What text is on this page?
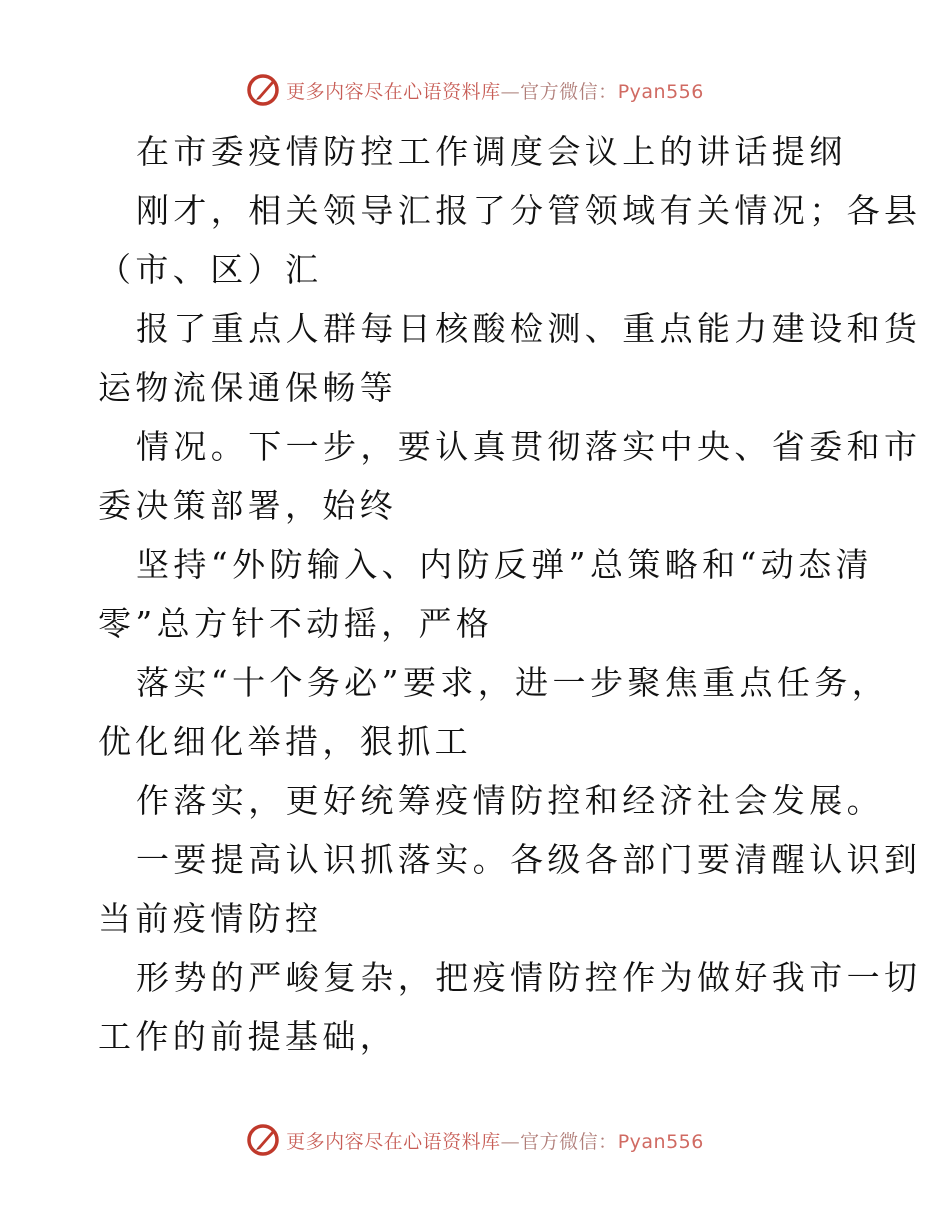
更多内容尽在心语资料库—官方微信：Pyan556
在市委疫情防控工作调度会议上的讲话提纲
刚才，相关领导汇报了分管领域有关情况；各县
（市、区）汇
报了重点人群每日核酸检测、重点能力建设和货
运物流保通保畅等
情况。下一步，要认真贯彻落实中央、省委和市
委决策部署，始终
坚持“外防输入、内防反弹”总策略和“动态清
零”总方针不动摇，严格
落实“十个务必”要求，进一步聚焦重点任务，
优化细化举措，狠抓工
作落实，更好统筹疫情防控和经济社会发展。
一要提高认识抓落实。各级各部门要清醒认识到
当前疫情防控
形势的严峻复杂，把疫情防控作为做好我市一切
工作的前提基础，
更多内容尽在心语资料库—官方微信：Pyan556
